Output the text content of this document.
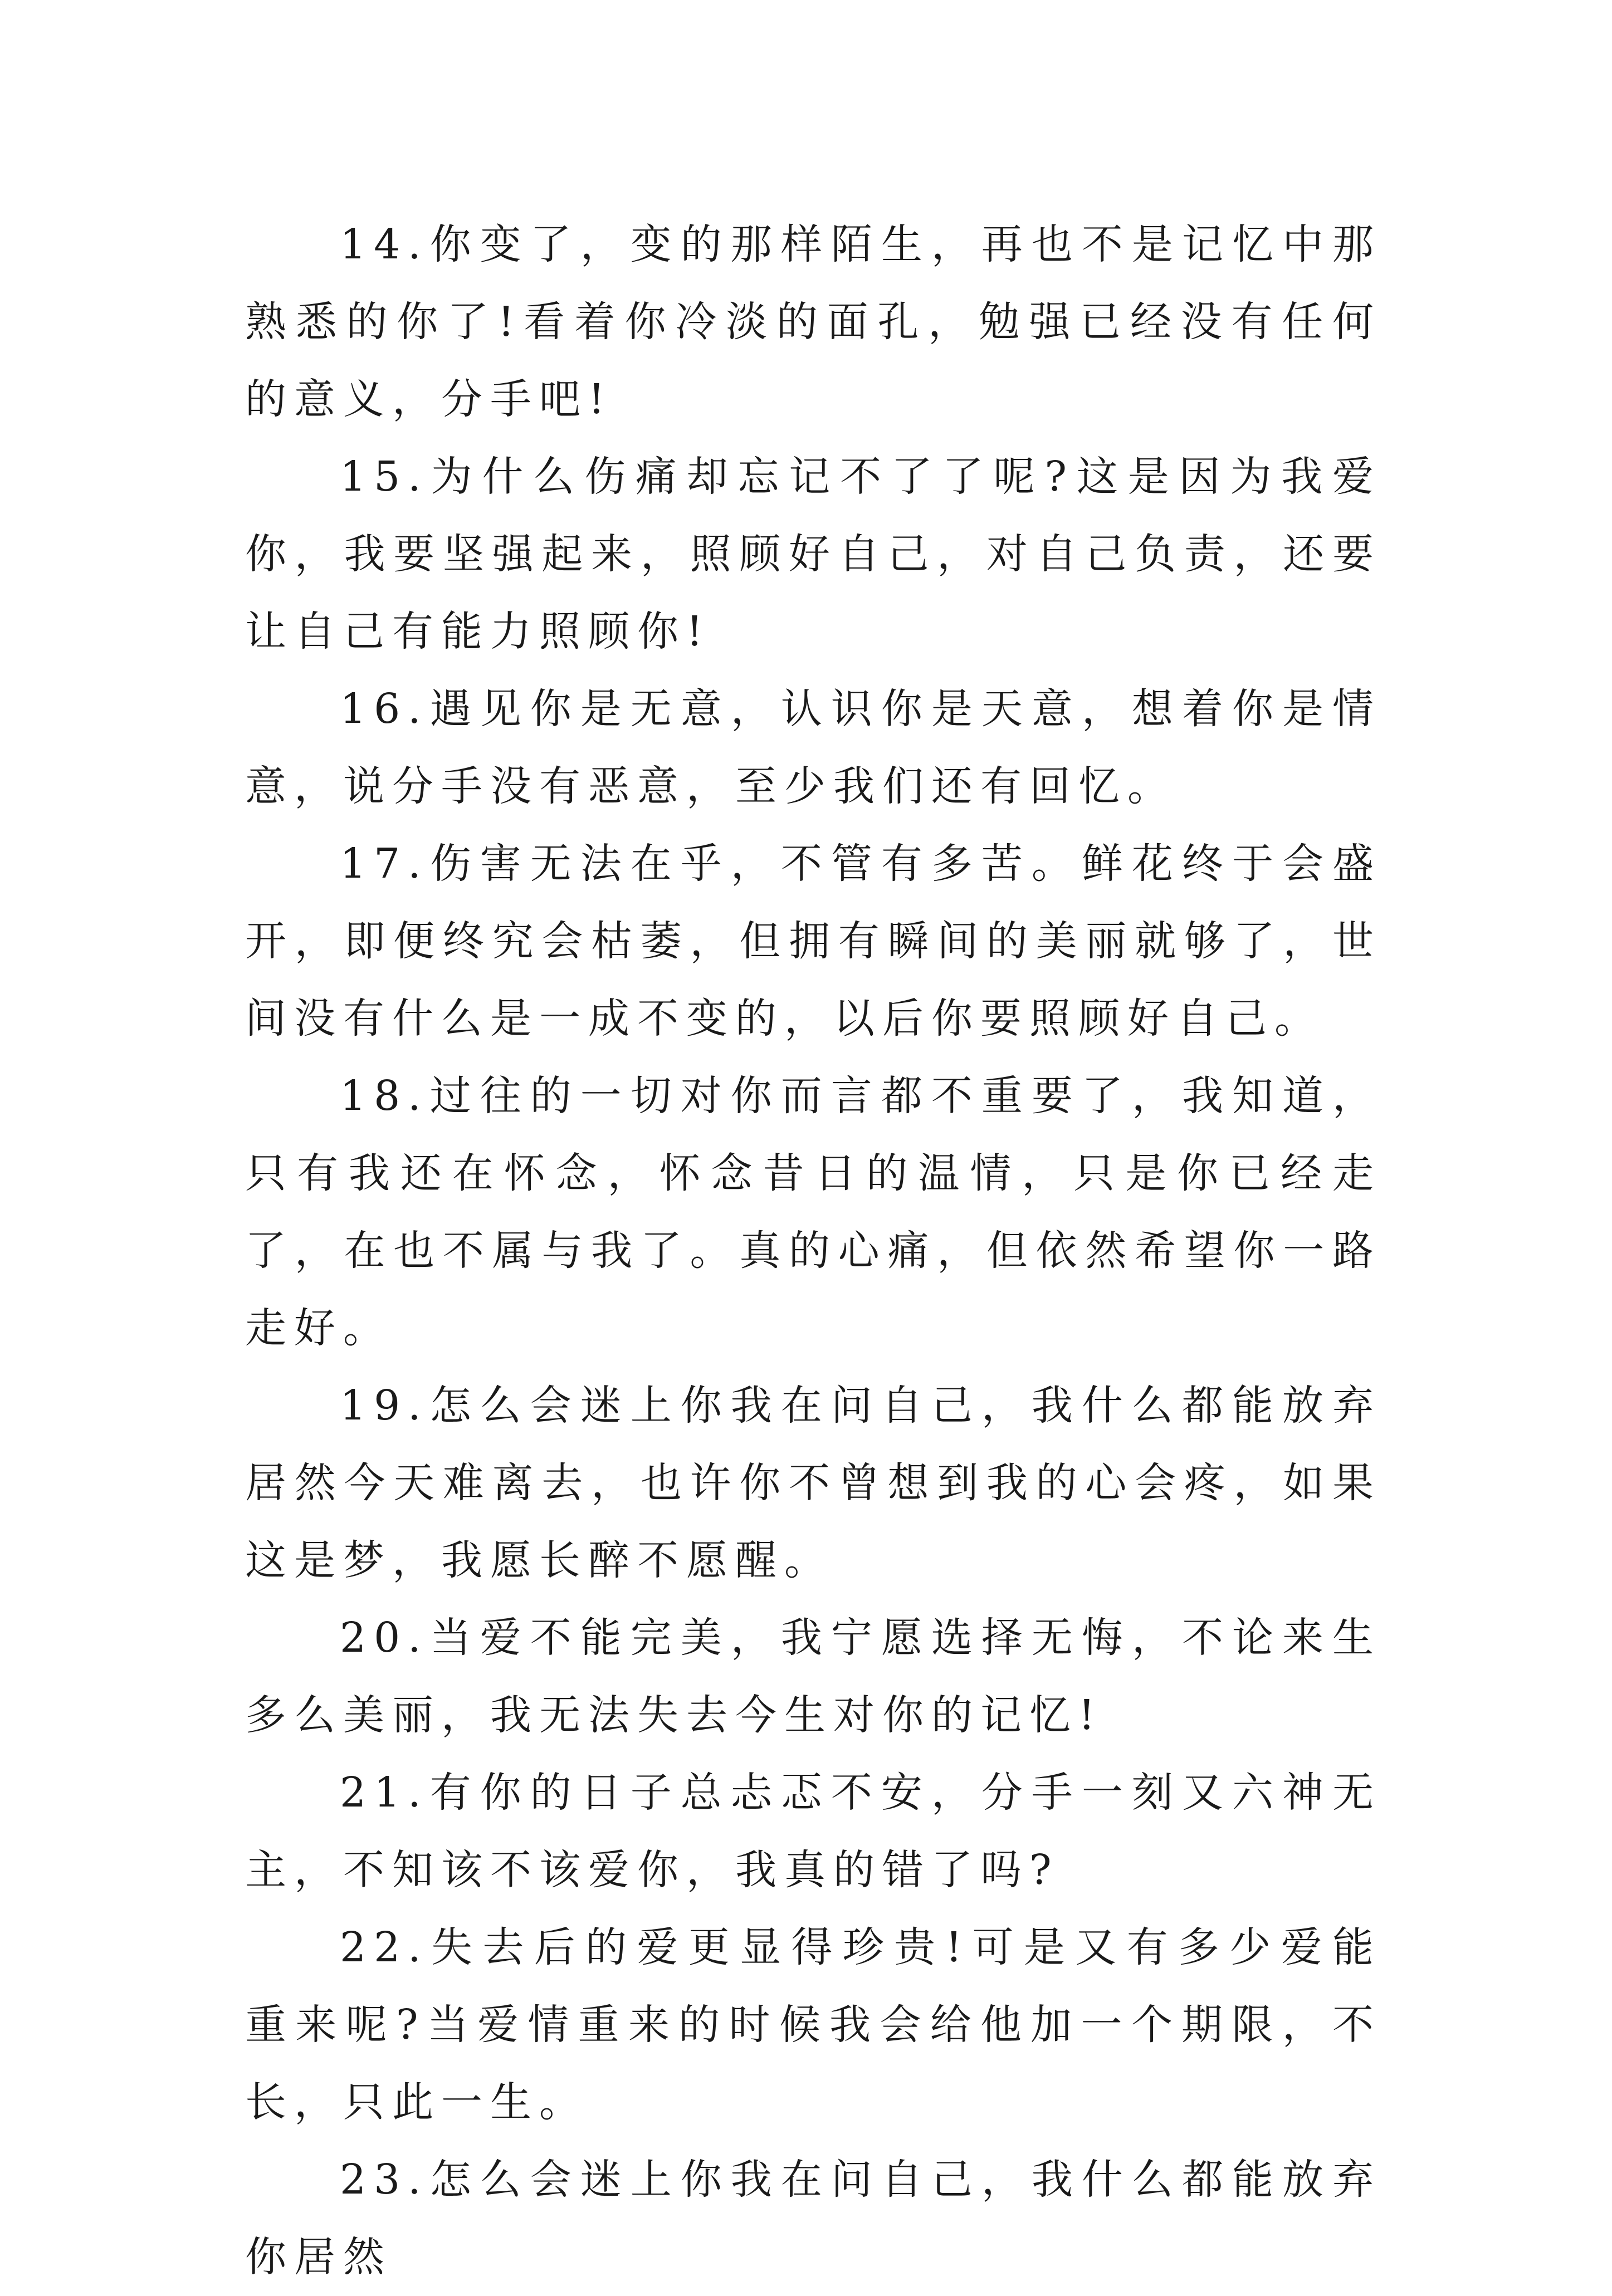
14.你变了，变的那样陌生，再也不是记忆中那熟悉的你了!看着你冷淡的面孔，勉强已经没有任何的意义，分手吧!

15.为什么伤痛却忘记不了了呢?这是因为我爱你，我要坚强起来，照顾好自己，对自己负责，还要让自己有能力照顾你!

16.遇见你是无意，认识你是天意，想着你是情意，说分手没有恶意，至少我们还有回忆。

17.伤害无法在乎，不管有多苦。鲜花终于会盛开，即便终究会枯萎，但拥有瞬间的美丽就够了，世间没有什么是一成不变的，以后你要照顾好自己。

18.过往的一切对你而言都不重要了，我知道，只有我还在怀念，怀念昔日的温情，只是你已经走了，在也不属与我了。真的心痛，但依然希望你一路走好。

19.怎么会迷上你我在问自己，我什么都能放弃居然今天难离去，也许你不曾想到我的心会疼，如果这是梦，我愿长醉不愿醒。

20.当爱不能完美，我宁愿选择无悔，不论来生多么美丽，我无法失去今生对你的记忆!

21.有你的日子总忐忑不安，分手一刻又六神无主，不知该不该爱你，我真的错了吗?

22.失去后的爱更显得珍贵!可是又有多少爱能重来呢?当爱情重来的时候我会给他加一个期限，不长，只此一生。

23.怎么会迷上你我在问自己，我什么都能放弃你居然
